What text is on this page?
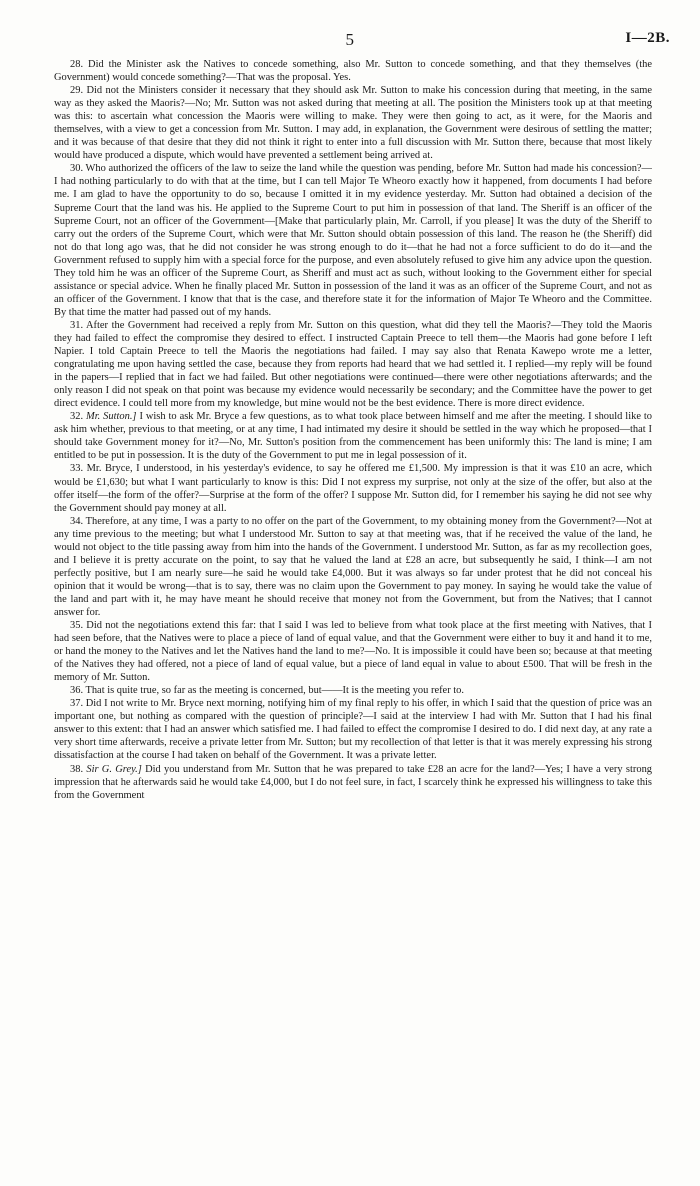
5	I—2B.

28. Did the Minister ask the Natives to concede something, also Mr. Sutton to concede something, and that they themselves (the Government) would concede something?—That was the proposal. Yes.

29. Did not the Ministers consider it necessary that they should ask Mr. Sutton to make his concession during that meeting, in the same way as they asked the Maoris?—No; Mr. Sutton was not asked during that meeting at all. The position the Ministers took up at that meeting was this: to ascertain what concession the Maoris were willing to make. They were then going to act, as it were, for the Maoris and themselves, with a view to get a concession from Mr. Sutton. I may add, in explanation, the Government were desirous of settling the matter; and it was because of that desire that they did not think it right to enter into a full discussion with Mr. Sutton there, because that most likely would have produced a dispute, which would have prevented a settlement being arrived at.

30. Who authorized the officers of the law to seize the land while the question was pending, before Mr. Sutton had made his concession?—I had nothing particularly to do with that at the time, but I can tell Major Te Wheoro exactly how it happened, from documents I had before me. I am glad to have the opportunity to do so, because I omitted it in my evidence yesterday. Mr. Sutton had obtained a decision of the Supreme Court that the land was his. He applied to the Supreme Court to put him in possession of that land. The Sheriff is an officer of the Supreme Court, not an officer of the Government—[Make that particularly plain, Mr. Carroll, if you please] It was the duty of the Sheriff to carry out the orders of the Supreme Court, which were that Mr. Sutton should obtain possession of this land. The reason he (the Sheriff) did not do that long ago was, that he did not consider he was strong enough to do it—that he had not a force sufficient to do do it—and the Government refused to supply him with a special force for the purpose, and even absolutely refused to give him any advice upon the question. They told him he was an officer of the Supreme Court, as Sheriff and must act as such, without looking to the Government either for special assistance or special advice. When he finally placed Mr. Sutton in possession of the land it was as an officer of the Supreme Court, and not as an officer of the Government. I know that that is the case, and therefore state it for the information of Major Te Wheoro and the Committee. By that time the matter had passed out of my hands.

31. After the Government had received a reply from Mr. Sutton on this question, what did they tell the Maoris?—They told the Maoris they had failed to effect the compromise they desired to effect. I instructed Captain Preece to tell them—the Maoris had gone before I left Napier. I told Captain Preece to tell the Maoris the negotiations had failed. I may say also that Renata Kawepo wrote me a letter, congratulating me upon having settled the case, because they from reports had heard that we had settled it. I replied—my reply will be found in the papers—I replied that in fact we had failed. But other negotiations were continued—there were other negotiations afterwards; and the only reason I did not speak on that point was because my evidence would necessarily be secondary; and the Committee have the power to get direct evidence. I could tell more from my knowledge, but mine would not be the best evidence. There is more direct evidence.

32. Mr. Sutton.] I wish to ask Mr. Bryce a few questions, as to what took place between himself and me after the meeting. I should like to ask him whether, previous to that meeting, or at any time, I had intimated my desire it should be settled in the way which he proposed—that I should take Government money for it?—No, Mr. Sutton's position from the commencement has been uniformly this: The land is mine; I am entitled to be put in possession. It is the duty of the Government to put me in legal possession of it.

33. Mr. Bryce, I understood, in his yesterday's evidence, to say he offered me £1,500. My impression is that it was £10 an acre, which would be £1,630; but what I want particularly to know is this: Did I not express my surprise, not only at the size of the offer, but also at the offer itself—the form of the offer?—Surprise at the form of the offer? I suppose Mr. Sutton did, for I remember his saying he did not see why the Government should pay money at all.

34. Therefore, at any time, I was a party to no offer on the part of the Government, to my obtaining money from the Government?—Not at any time previous to the meeting; but what I understood Mr. Sutton to say at that meeting was, that if he received the value of the land, he would not object to the title passing away from him into the hands of the Government. I understood Mr. Sutton, as far as my recollection goes, and I believe it is pretty accurate on the point, to say that he valued the land at £28 an acre, but subsequently he said, I think—I am not perfectly positive, but I am nearly sure—he said he would take £4,000. But it was always so far under protest that he did not conceal his opinion that it would be wrong—that is to say, there was no claim upon the Government to pay money. In saying he would take the value of the land and part with it, he may have meant he should receive that money not from the Government, but from the Natives; that I cannot answer for.

35. Did not the negotiations extend this far: that I said I was led to believe from what took place at the first meeting with Natives, that I had seen before, that the Natives were to place a piece of land of equal value, and that the Government were either to buy it and hand it to me, or hand the money to the Natives and let the Natives hand the land to me?—No. It is impossible it could have been so; because at that meeting of the Natives they had offered, not a piece of land of equal value, but a piece of land equal in value to about £500. That will be fresh in the memory of Mr. Sutton.

36. That is quite true, so far as the meeting is concerned, but——It is the meeting you refer to.

37. Did I not write to Mr. Bryce next morning, notifying him of my final reply to his offer, in which I said that the question of price was an important one, but nothing as compared with the question of principle?—I said at the interview I had with Mr. Sutton that I had his final answer to this extent: that I had an answer which satisfied me. I had failed to effect the compromise I desired to do. I did next day, at any rate a very short time afterwards, receive a private letter from Mr. Sutton; but my recollection of that letter is that it was merely expressing his strong dissatisfaction at the course I had taken on behalf of the Government. It was a private letter.

38. Sir G. Grey.] Did you understand from Mr. Sutton that he was prepared to take £28 an acre for the land?—Yes; I have a very strong impression that he afterwards said he would take £4,000, but I do not feel sure, in fact, I scarcely think he expressed his willingness to take this from the Government
